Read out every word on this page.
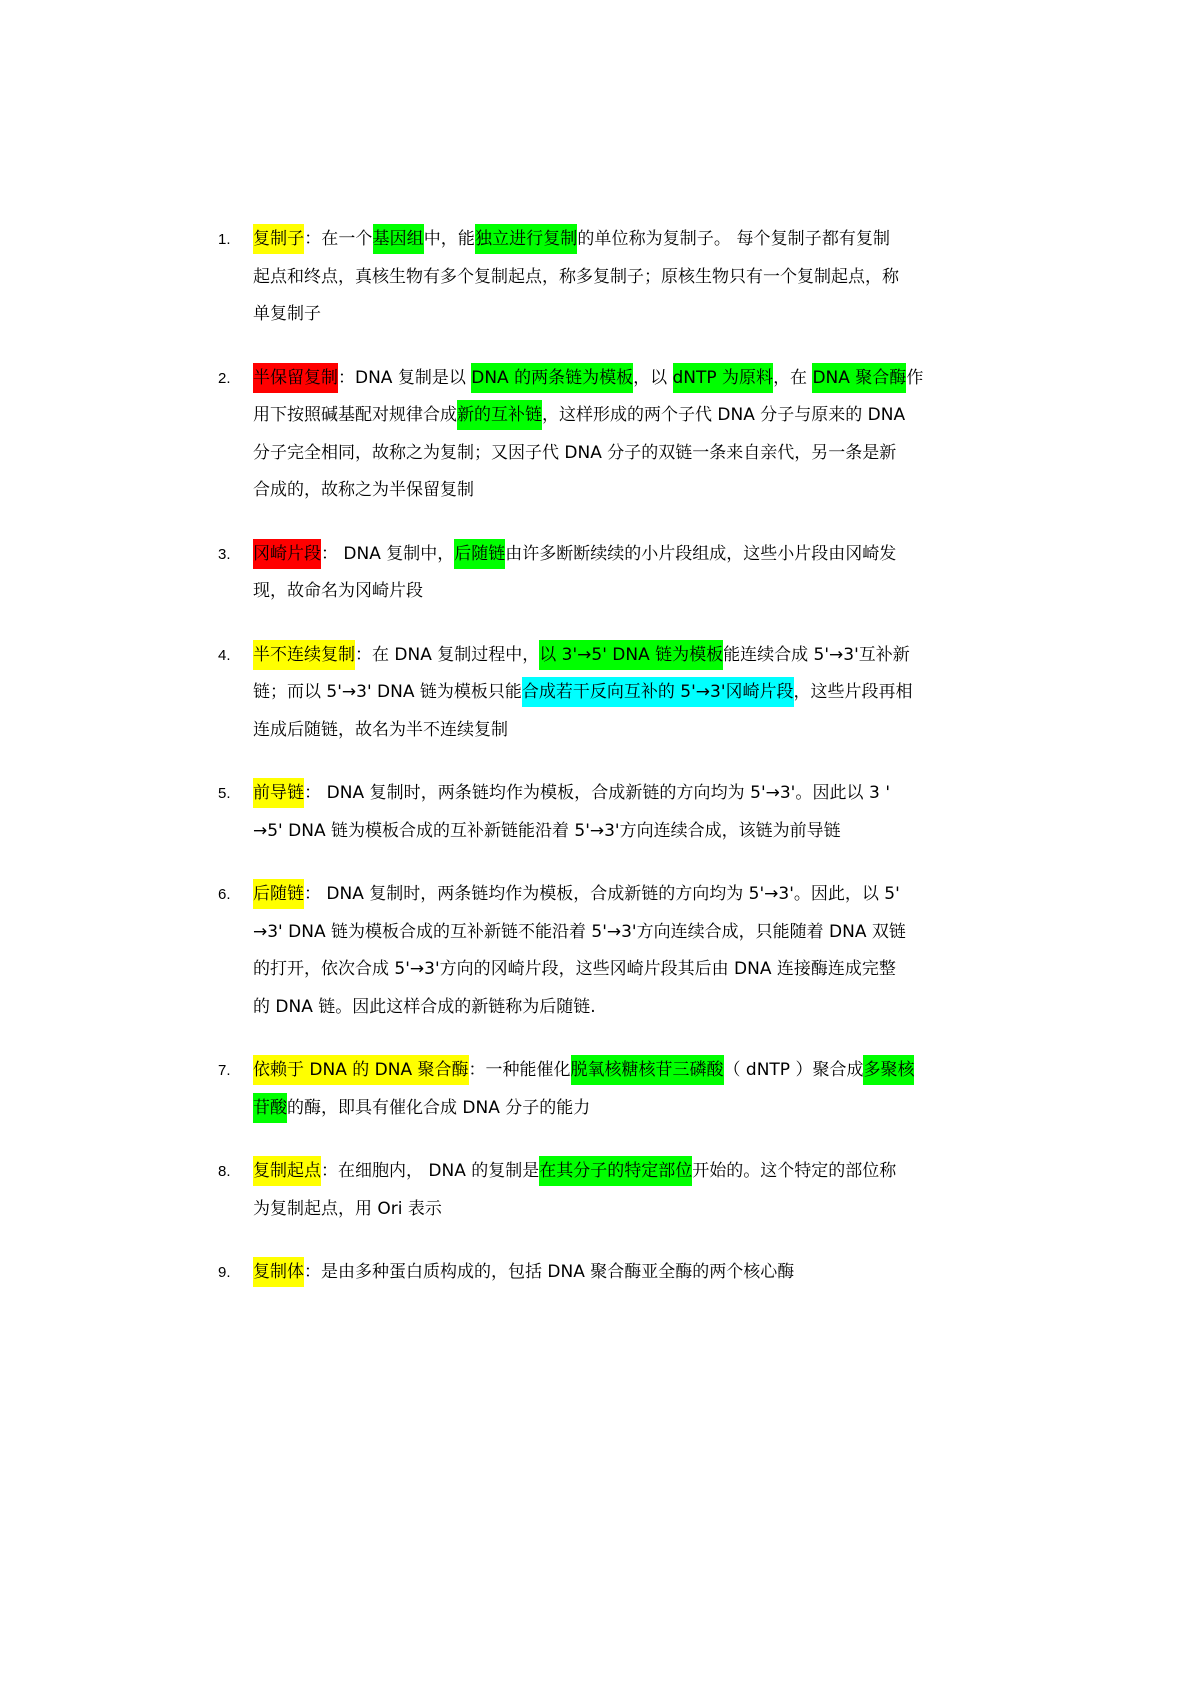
1. 复制子：在一个基因组中，能独立进行复制的单位称为复制子。 每个复制子都有复制
起点和终点，真核生物有多个复制起点，称多复制子；原核生物只有一个复制起点，称
单复制子
2. 半保留复制：DNA 复制是以 DNA 的两条链为模板，以 dNTP 为原料，在 DNA 聚合酶作
用下按照碱基配对规律合成新的互补链，这样形成的两个子代 DNA 分子与原来的 DNA
分子完全相同，故称之为复制；又因子代 DNA 分子的双链一条来自亲代，另一条是新
合成的，故称之为半保留复制
3. 冈崎片段： DNA 复制中，后随链由许多断断续续的小片段组成，这些小片段由冈崎发
现，故命名为冈崎片段
4. 半不连续复制：在 DNA 复制过程中，以 3'→5' DNA 链为模板能连续合成 5'→3'互补新
链；而以 5'→3' DNA 链为模板只能合成若干反向互补的 5'→3'冈崎片段，这些片段再相
连成后随链，故名为半不连续复制
5. 前导链： DNA 复制时，两条链均作为模板，合成新链的方向均为 5'→3'。因此以 3 '
→5' DNA 链为模板合成的互补新链能沿着 5'→3'方向连续合成，该链为前导链
6. 后随链： DNA 复制时，两条链均作为模板，合成新链的方向均为 5'→3'。因此，以 5'
→3' DNA 链为模板合成的互补新链不能沿着 5'→3'方向连续合成，只能随着 DNA 双链
的打开，依次合成 5'→3'方向的冈崎片段，这些冈崎片段其后由 DNA 连接酶连成完整
的 DNA 链。因此这样合成的新链称为后随链.
7. 依赖于 DNA 的 DNA 聚合酶：一种能催化脱氧核糖核苷三磷酸（ dNTP ）聚合成多聚核
苷酸的酶，即具有催化合成 DNA 分子的能力
8. 复制起点：在细胞内， DNA 的复制是在其分子的特定部位开始的。这个特定的部位称
为复制起点，用 Ori 表示
9. 复制体：是由多种蛋白质构成的，包括 DNA 聚合酶亚全酶的两个核心酶
